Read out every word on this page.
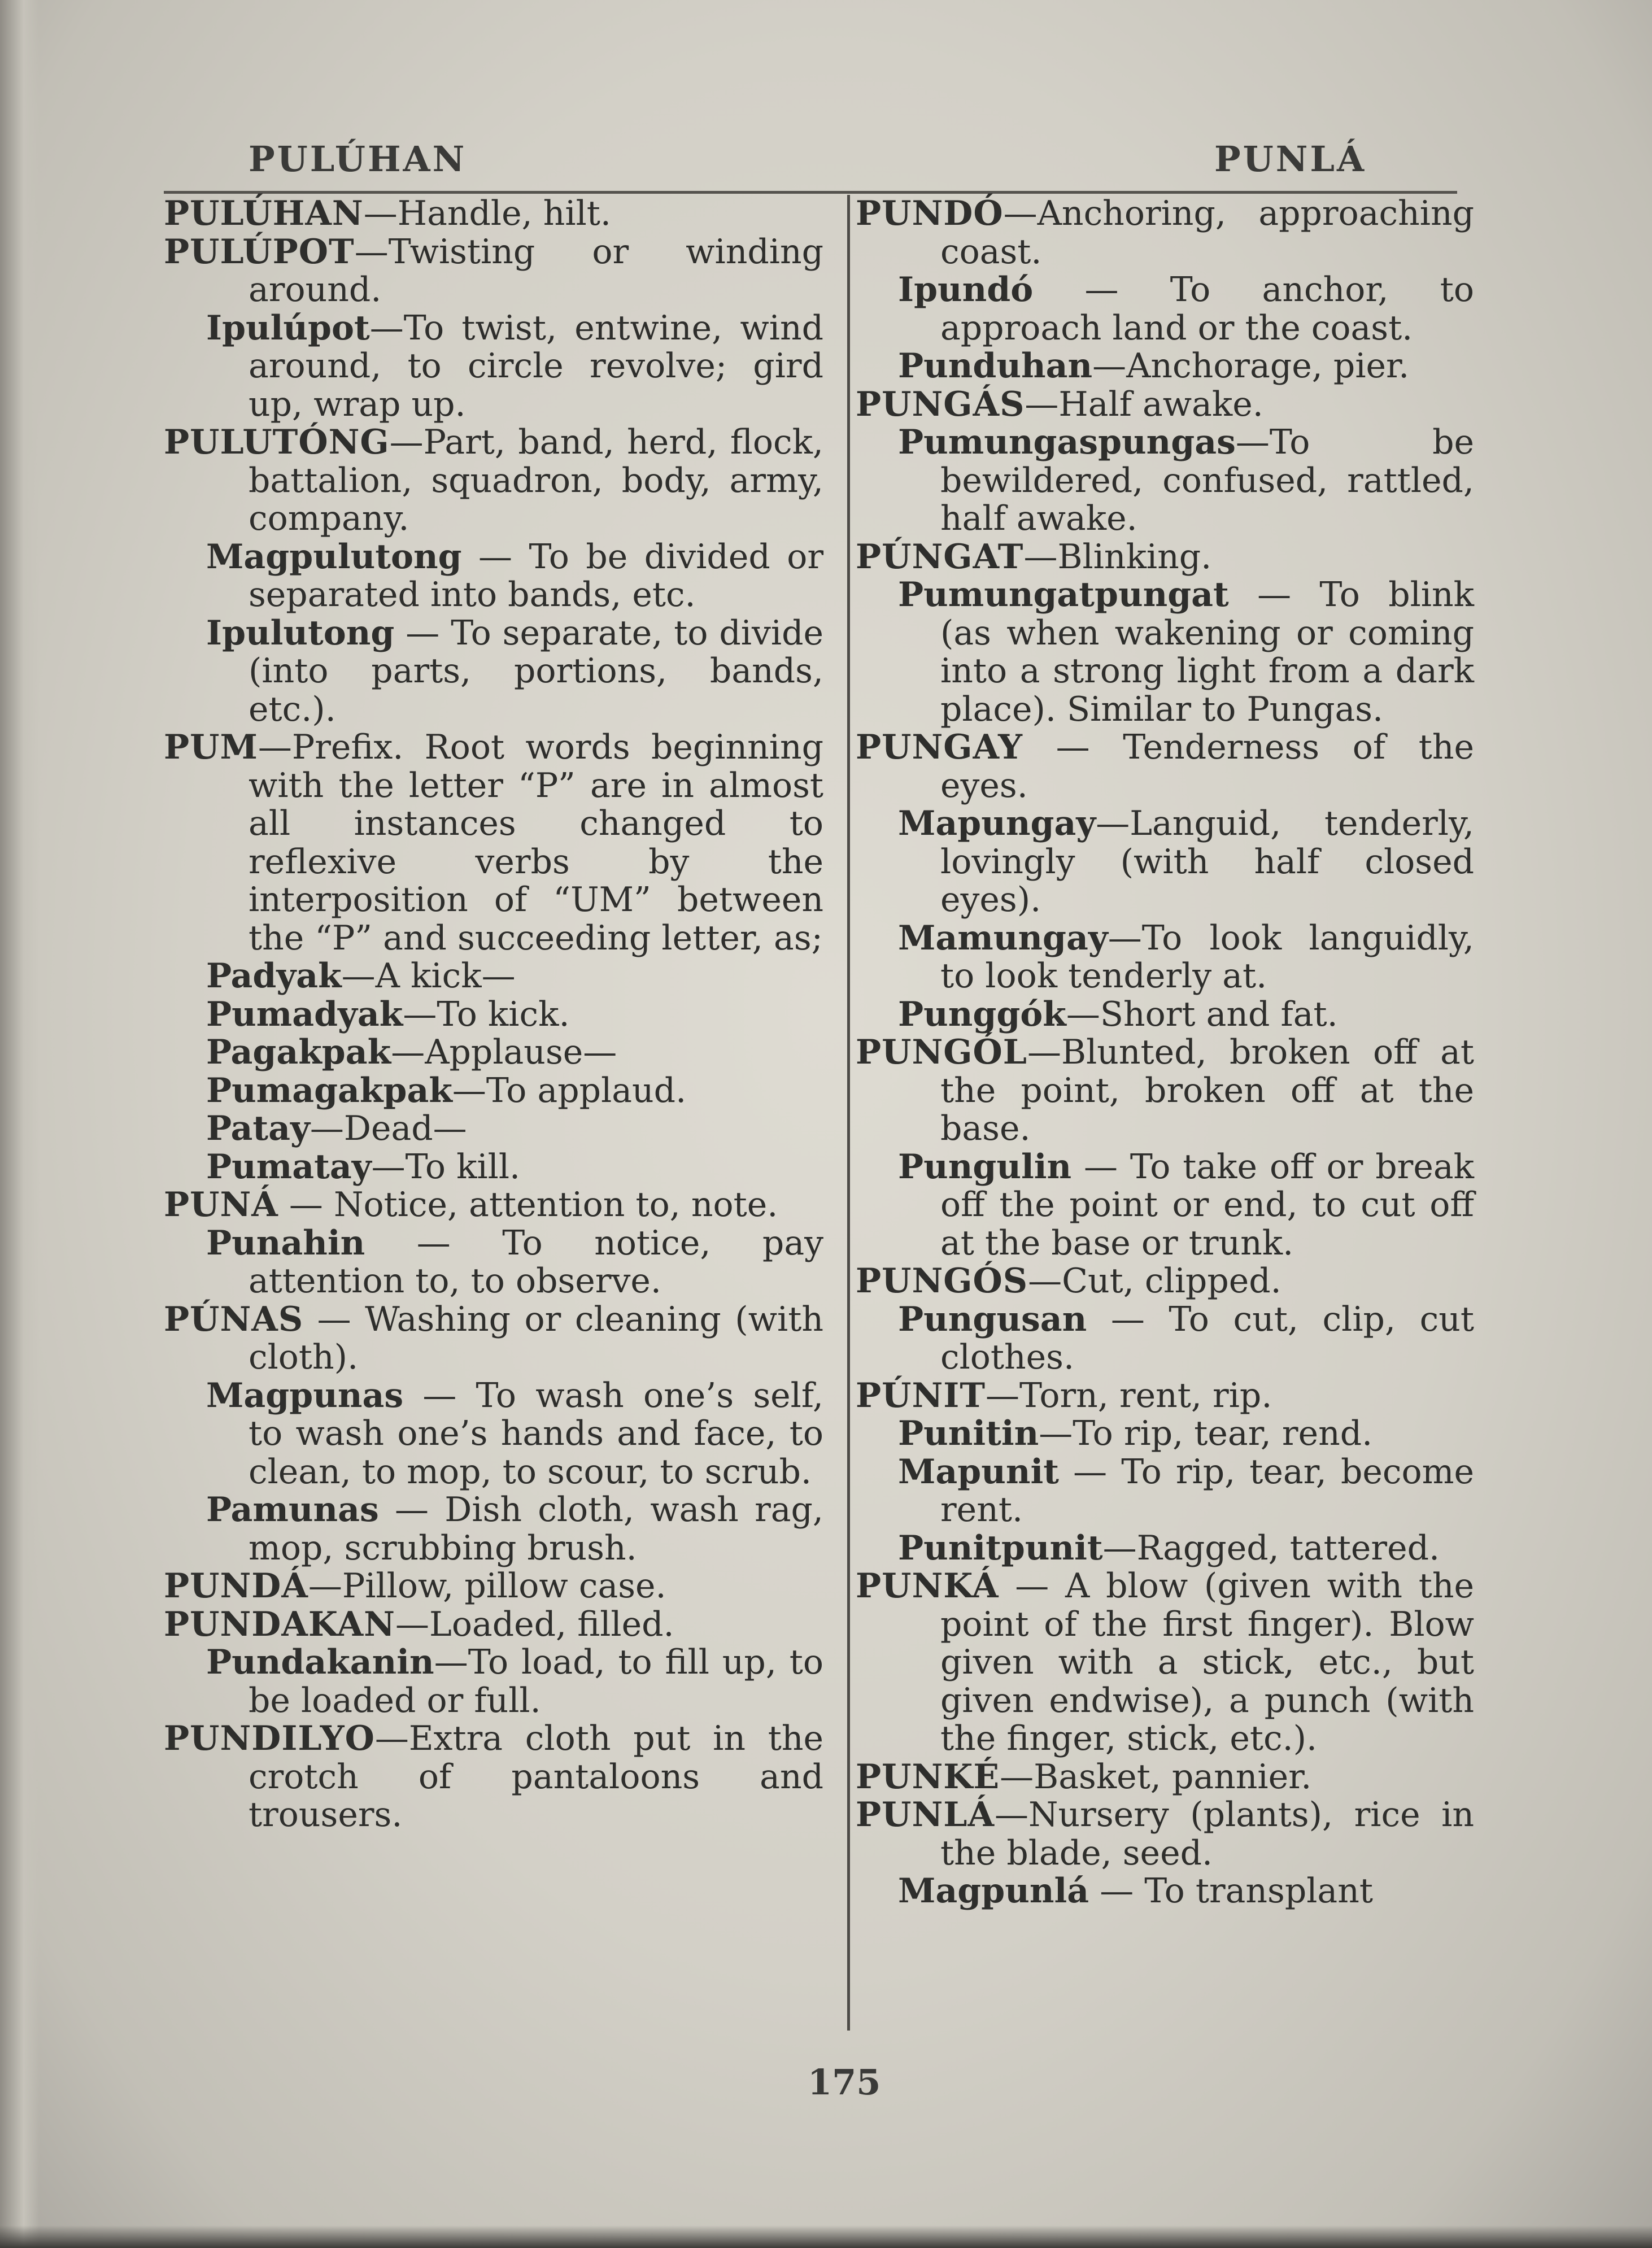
PULÚHAN	PUNLÁ
PULÚHAN—Handle, hilt.
PULÚPOT—Twisting or winding around.
Ipulúpot—To twist, entwine, wind around, to circle revolve; gird up, wrap up.
PULUTÓNG—Part, band, herd, flock, battalion, squadron, body, army, company.
Magpulutong — To be divided or separated into bands, etc.
Ipulutong — To separate, to divide (into parts, portions, bands, etc.).
PUM—Prefix. Root words beginning with the letter “P” are in almost all instances changed to reflexive verbs by the interposition of “UM” between the “P” and succeeding letter, as;
Padyak—A kick—
Pumadyak—To kick.
Pagakpak—Applause—
Pumagakpak—To applaud.
Patay—Dead—
Pumatay—To kill.
PUNÁ — Notice, attention to, note.
Punahin — To notice, pay attention to, to observe.
PÚNAS — Washing or cleaning (with cloth).
Magpunas — To wash one’s self, to wash one’s hands and face, to clean, to mop, to scour, to scrub.
Pamunas — Dish cloth, wash rag, mop, scrubbing brush.
PUNDÁ—Pillow, pillow case.
PUNDAKAN—Loaded, filled.
Pundakanin—To load, to fill up, to be loaded or full.
PUNDILYO—Extra cloth put in the crotch of pantaloons and trousers.
PUNDÓ—Anchoring, approaching coast.
Ipundó — To anchor, to approach land or the coast.
Punduhan—Anchorage, pier.
PUNGÁS—Half awake.
Pumungaspungas—To be bewildered, confused, rattled, half awake.
PÚNGAT—Blinking.
Pumungatpungat — To blink (as when wakening or coming into a strong light from a dark place). Similar to Pungas.
PUNGAY — Tenderness of the eyes.
Mapungay—Languid, tenderly, lovingly (with half closed eyes).
Mamungay—To look languidly, to look tenderly at.
Punggók—Short and fat.
PUNGÓL—Blunted, broken off at the point, broken off at the base.
Pungulin — To take off or break off the point or end, to cut off at the base or trunk.
PUNGÓS—Cut, clipped.
Pungusan — To cut, clip, cut clothes.
PÚNIT—Torn, rent, rip.
Punitin—To rip, tear, rend.
Mapunit — To rip, tear, become rent.
Punitpunit—Ragged, tattered.
PUNKÁ — A blow (given with the point of the first finger). Blow given with a stick, etc., but given endwise), a punch (with the finger, stick, etc.).
PUNKÉ—Basket, pannier.
PUNLÁ—Nursery (plants), rice in the blade, seed.
Magpunlá — To transplant
175
